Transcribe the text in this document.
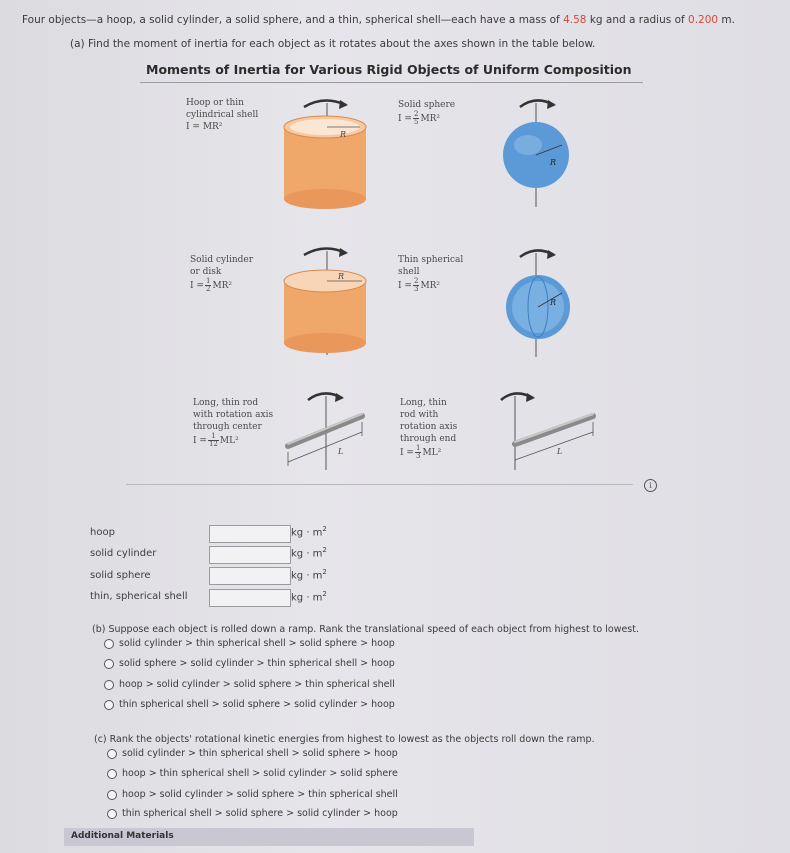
Four objects—a hoop, a solid cylinder, a solid sphere, and a thin, spherical shell—each have a mass of 4.58 kg and a radius of 0.200 m.
(a) Find the moment of inertia for each object as it rotates about the axes shown in the table below.
Moments of Inertia for Various Rigid Objects of Uniform Composition
Hoop or thin
cylindrical shell
I = MR²
R
Solid sphere
$I = \frac{2}{5} MR^2$
R
Solid cylinder
or disk
$I = \frac{1}{2} MR^2$
R
Thin spherical
shell
$I = \frac{2}{3} MR^2$
R
Long, thin rod
with rotation axis
through center
$I = \frac{1}{12} ML^2$
L
Long, thin
rod with
rotation axis
through end
$I = \frac{1}{3} ML^2$	L
i
hoop	kg · $m^2$
solid cylinder	kg · $m^2$
solid sphere	kg · $m^2$
thin, spherical shell	kg · $m^2$
(b) Suppose each object is rolled down a ramp. Rank the translational speed of each object from highest to lowest.
solid cylinder > thin spherical shell > solid sphere > hoop
solid sphere > solid cylinder > thin spherical shell > hoop
hoop > solid cylinder > solid sphere > thin spherical shell
thin spherical shell > solid sphere > solid cylinder > hoop
(c) Rank the objects' rotational kinetic energies from highest to lowest as the objects roll down the ramp.
solid cylinder > thin spherical shell > solid sphere > hoop
hoop > thin spherical shell > solid cylinder > solid sphere
hoop > solid cylinder > solid sphere > thin spherical shell
thin spherical shell > solid sphere > solid cylinder > hoop
Additional Materials
